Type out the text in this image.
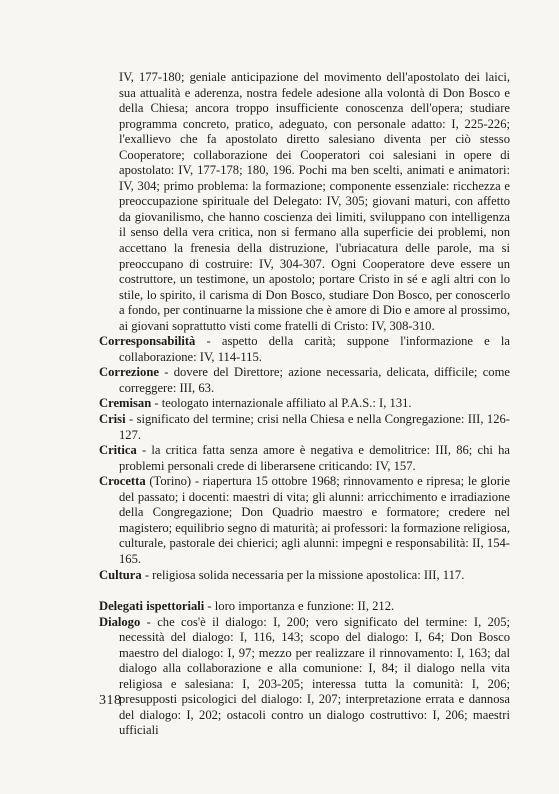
IV, 177-180; geniale anticipazione del movimento dell'apostolato dei laici, sua attualità e aderenza, nostra fedele adesione alla volontà di Don Bosco e della Chiesa; ancora troppo insufficiente conoscenza dell'opera; studiare programma concreto, pratico, adeguato, con personale adatto: I, 225-226; l'exallievo che fa apostolato diretto salesiano diventa per ciò stesso Cooperatore; collaborazione dei Cooperatori coi salesiani in opere di apostolato: IV, 177-178; 180, 196. Pochi ma ben scelti, animati e animatori: IV, 304; primo problema: la formazione; componente essenziale: ricchezza e preoccupazione spirituale del Delegato: IV, 305; giovani maturi, con affetto da giovanilismo, che hanno coscienza dei limiti, sviluppano con intelligenza il senso della vera critica, non si fermano alla superficie dei problemi, non accettano la frenesia della distruzione, l'ubriacatura delle parole, ma si preoccupano di costruire: IV, 304-307. Ogni Cooperatore deve essere un costruttore, un testimone, un apostolo; portare Cristo in sé e agli altri con lo stile, lo spirito, il carisma di Don Bosco, studiare Don Bosco, per conoscerlo a fondo, per continuarne la missione che è amore di Dio e amore al prossimo, ai giovani soprattutto visti come fratelli di Cristo: IV, 308-310.

Corresponsabilità - aspetto della carità; suppone l'informazione e la collaborazione: IV, 114-115.

Correzione - dovere del Direttore; azione necessaria, delicata, difficile; come correggere: III, 63.

Cremisan - teologato internazionale affiliato al P.A.S.: I, 131.

Crisi - significato del termine; crisi nella Chiesa e nella Congregazione: III, 126-127.

Critica - la critica fatta senza amore è negativa e demolitrice: III, 86; chi ha problemi personali crede di liberarsene criticando: IV, 157.

Crocetta (Torino) - riapertura 15 ottobre 1968; rinnovamento e ripresa; le glorie del passato; i docenti: maestri di vita; gli alunni: arricchimento e irradiazione della Congregazione; Don Quadrio maestro e formatore; credere nel magistero; equilibrio segno di maturità; ai professori: la formazione religiosa, culturale, pastorale dei chierici; agli alunni: impegni e responsabilità: II, 154-165.

Cultura - religiosa solida necessaria per la missione apostolica: III, 117.

Delegati ispettoriali - loro importanza e funzione: II, 212.

Dialogo - che cos'è il dialogo: I, 200; vero significato del termine: I, 205; necessità del dialogo: I, 116, 143; scopo del dialogo: I, 64; Don Bosco maestro del dialogo: I, 97; mezzo per realizzare il rinnovamento: I, 163; dal dialogo alla collaborazione e alla comunione: I, 84; il dialogo nella vita religiosa e salesiana: I, 203-205; interessa tutta la comunità: I, 206; presupposti psicologici del dialogo: I, 207; interpretazione errata e dannosa del dialogo: I, 202; ostacoli contro un dialogo costruttivo: I, 206; maestri ufficiali

318
